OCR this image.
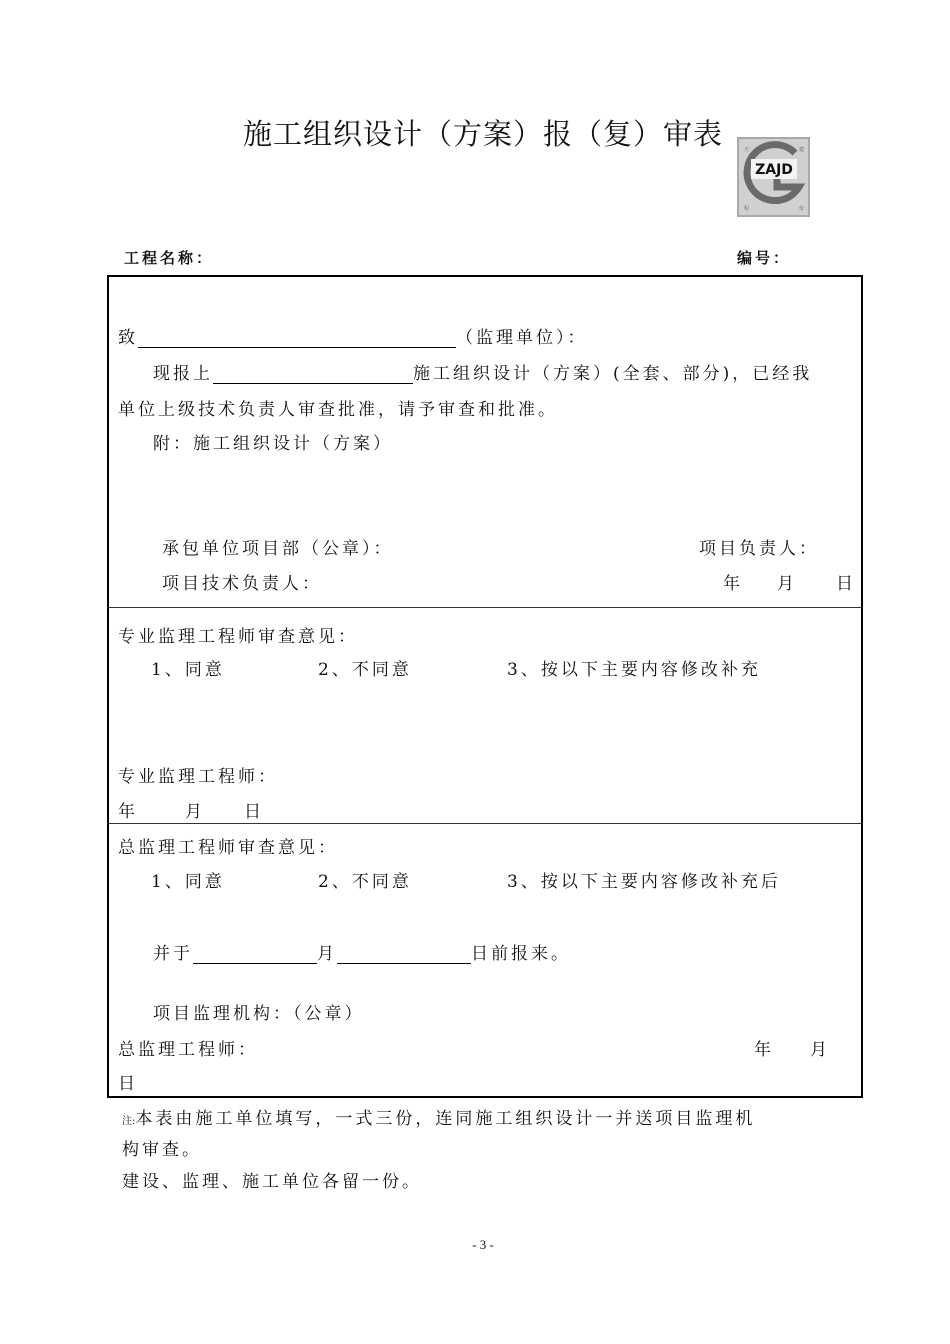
施工组织设计（方案）报（复）审表
ZAJD
天	建
程	价
工程名称：	编号：
致	（监理单位）：
现报上	施工组织设计（方案）(全套、部分)，已经我
单位上级技术负责人审查批准，请予审查和批准。
附：施工组织设计（方案）
承包单位项目部（公章）：	项目负责人：
项目技术负责人：	年 月 日
专业监理工程师审查意见：
1、同意	2、不同意	3、按以下主要内容修改补充
专业监理工程师：
年	月 日
总监理工程师审查意见：
1、同意	2、不同意	3、按以下主要内容修改补充后
并于	月	日前报来。
项目监理机构：（公章）
总监理工程师：	年 月
日
注:本表由施工单位填写，一式三份，连同施工组织设计一并送项目监理机
构审查。
建设、监理、施工单位各留一份。
- 3 -
